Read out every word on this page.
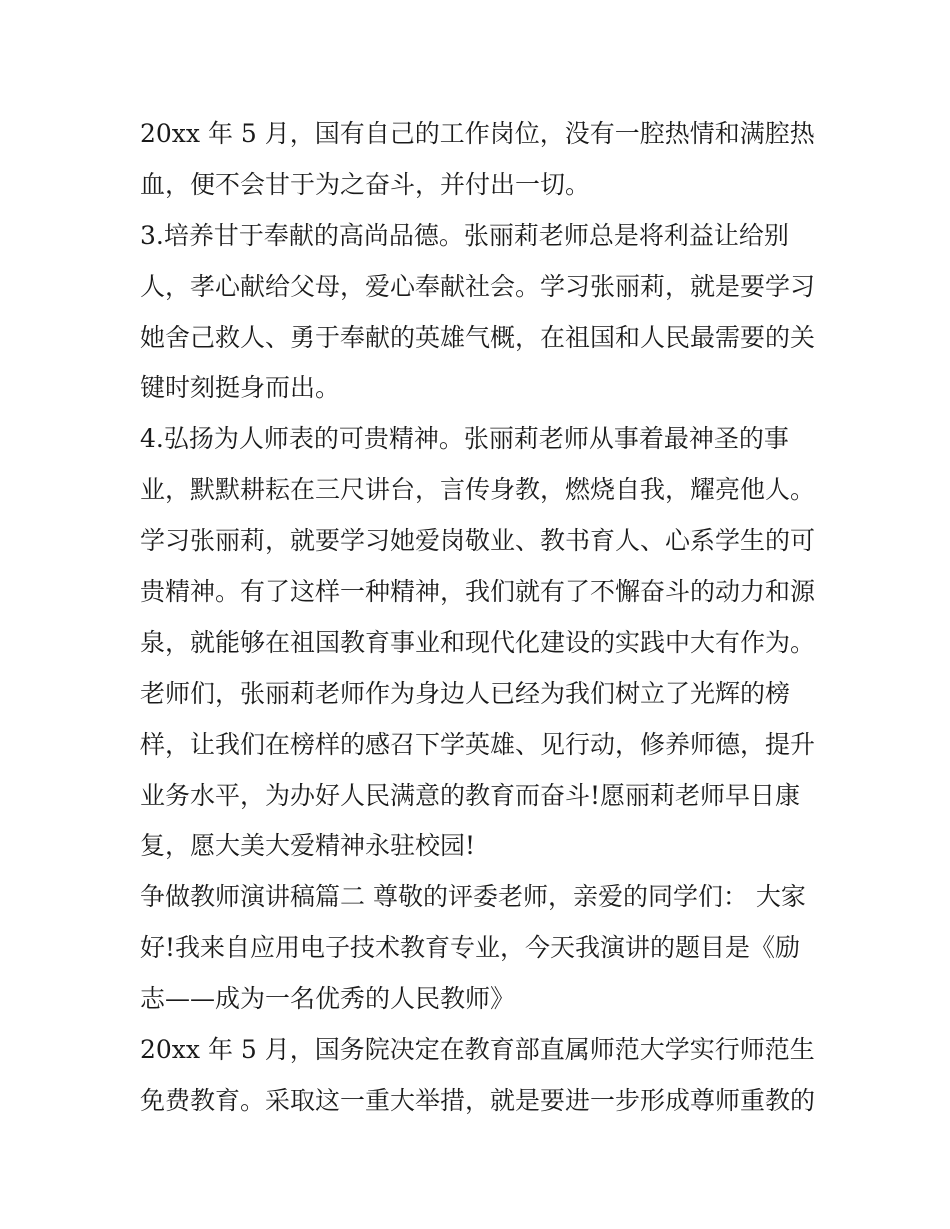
20xx 年 5 月，国有自己的工作岗位，没有一腔热情和满腔热
血，便不会甘于为之奋斗，并付出一切。
3.培养甘于奉献的高尚品德。张丽莉老师总是将利益让给别
人，孝心献给父母，爱心奉献社会。学习张丽莉，就是要学习
她舍己救人、勇于奉献的英雄气概，在祖国和人民最需要的关
键时刻挺身而出。
4.弘扬为人师表的可贵精神。张丽莉老师从事着最神圣的事
业，默默耕耘在三尺讲台，言传身教，燃烧自我，耀亮他人。
学习张丽莉，就要学习她爱岗敬业、教书育人、心系学生的可
贵精神。有了这样一种精神，我们就有了不懈奋斗的动力和源
泉，就能够在祖国教育事业和现代化建设的实践中大有作为。
老师们，张丽莉老师作为身边人已经为我们树立了光辉的榜
样，让我们在榜样的感召下学英雄、见行动，修养师德，提升
业务水平，为办好人民满意的教育而奋斗!愿丽莉老师早日康
复，愿大美大爱精神永驻校园!
争做教师演讲稿篇二 尊敬的评委老师，亲爱的同学们： 大家
好!我来自应用电子技术教育专业，今天我演讲的题目是《励
志——成为一名优秀的人民教师》
20xx 年 5 月，国务院决定在教育部直属师范大学实行师范生
免费教育。采取这一重大举措，就是要进一步形成尊师重教的
